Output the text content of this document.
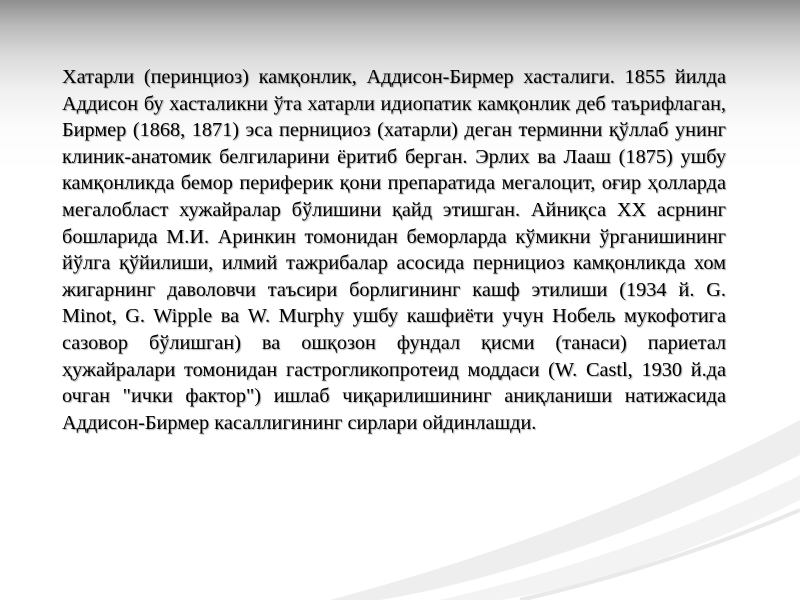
Хатарли (перинциоз) камқонлик, Аддисон-Бирмер хасталиги. 1855 йилда Аддисон бу хасталикни ўта хатарли идиопатик камқонлик деб таърифлаган, Бирмер (1868, 1871) эса пернициоз (хатарли) деган терминни қўллаб унинг клиник-анатомик белгиларини ёритиб берган. Эрлих ва Лааш (1875) ушбу камқонликда бемор периферик қони препаратида мегалоцит, оғир ҳолларда мегалобласт хужайралар бўлишини қайд этишган. Айниқса XX асрнинг бошларида М.И. Аринкин томонидан беморларда кўмикни ўрганишининг йўлга қўйилиши, илмий тажрибалар асосида пернициоз камқонликда хом жигарнинг даволовчи таъсири борлигининг кашф этилиши (1934 й. G. Minot, G. Wipple ва W. Murphy ушбу кашфиёти учун Нобель мукофотига сазовор бўлишган) ва ошқозон фундал қисми (танаси) париетал ҳужайралари томонидан гастрогликопротеид моддаси (W. Castl, 1930 й.да очган "ички фактор") ишлаб чиқарилишининг аниқланиши натижасида Аддисон-Бирмер касаллигининг сирлари ойдинлашди.
